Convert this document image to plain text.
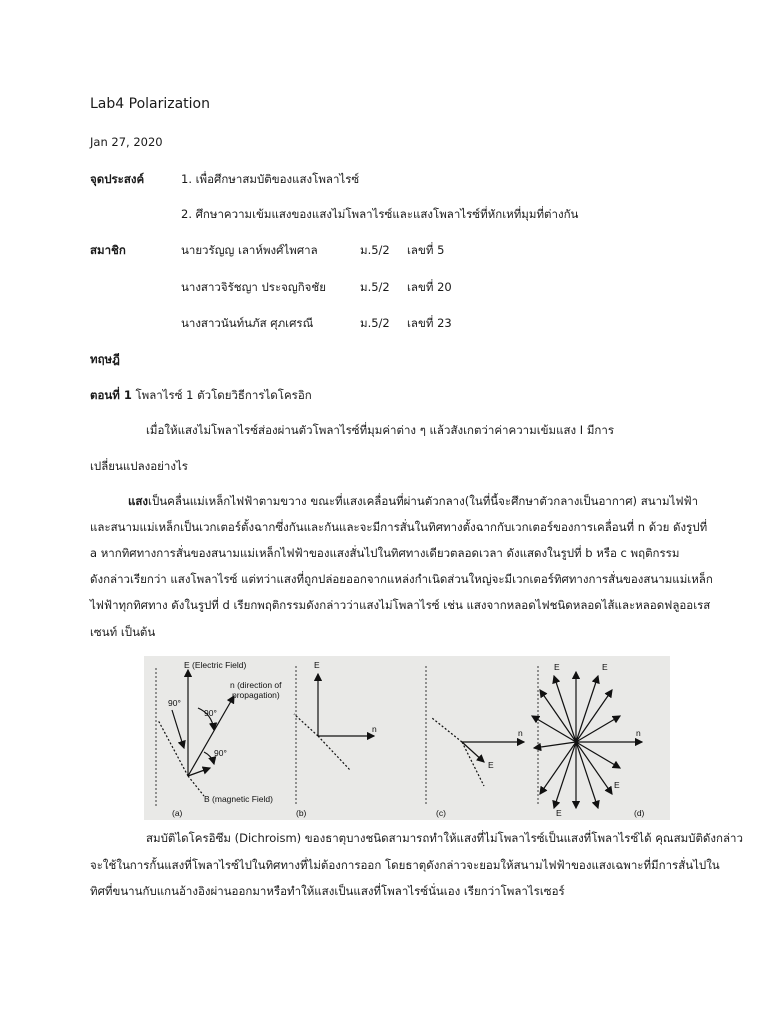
Lab4 Polarization
Jan 27, 2020
จุดประสงค์	1. เพื่อศึกษาสมบัติของแสงโพลาไรซ์
2. ศึกษาความเข้มแสงของแสงไม่โพลาไรซ์และแสงโพลาไรซ์ที่หักเหที่มุมที่ต่างกัน
สมาชิก	นายวรัญญ เลาห์พงศ์ไพศาล	ม.5/2 เลขที่ 5
นางสาวจิรัชญา ประจญกิจชัย	ม.5/2 เลขที่ 20
นางสาวนันท์นภัส ศุภเศรณี	ม.5/2 เลขที่ 23
ทฤษฎี
ตอนที่ 1 โพลาไรซ์ 1 ตัวโดยวิธีการไดโครอิก
เมื่อให้แสงไม่โพลาไรซ์ส่องผ่านตัวโพลาไรซ์ที่มุมค่าต่าง ๆ แล้วสังเกตว่าค่าความเข้มแสง I มีการ
เปลี่ยนแปลงอย่างไร
แสงเป็นคลื่นแม่เหล็กไฟฟ้าตามขวาง ขณะที่แสงเคลื่อนที่ผ่านตัวกลาง(ในที่นี้จะศึกษาตัวกลางเป็นอากาศ) สนามไฟฟ้า
และสนามแม่เหล็กเป็นเวกเตอร์ตั้งฉากซึ่งกันและกันและจะมีการสั่นในทิศทางตั้งฉากกับเวกเตอร์ของการเคลื่อนที่ n ด้วย ดังรูปที่
a หากทิศทางการสั่นของสนามแม่เหล็กไฟฟ้าของแสงสั่นไปในทิศทางเดียวตลอดเวลา ดังแสดงในรูปที่ b หรือ c พฤติกรรม
ดังกล่าวเรียกว่า แสงโพลาไรซ์ แต่ทว่าแสงที่ถูกปล่อยออกจากแหล่งกำเนิดส่วนใหญ่จะมีเวกเตอร์ทิศทางการสั่นของสนามแม่เหล็ก
ไฟฟ้าทุกทิศทาง ดังในรูปที่ d เรียกพฤติกรรมดังกล่าวว่าแสงไม่โพลาไรซ์ เช่น แสงจากหลอดไฟชนิดหลอดไส้และหลอดฟลูออเรส
เซนท์ เป็นต้น
E (Electric Field)
n (direction of
propagation)
B (magnetic Field)
90°
90°
90°
E
n
E
n
E	E
n
E
E
(a)	(b)	(c)	(d)
สมบัติไดโครอิซึม (Dichroism) ของธาตุบางชนิดสามารถทำให้แสงที่ไม่โพลาไรซ์เป็นแสงที่โพลาไรซ์ได้ คุณสมบัติดังกล่าว
จะใช้ในการกั้นแสงที่โพลาไรซ์ไปในทิศทางที่ไม่ต้องการออก โดยธาตุดังกล่าวจะยอมให้สนามไฟฟ้าของแสงเฉพาะที่มีการสั่นไปใน
ทิศที่ขนานกับแกนอ้างอิงผ่านออกมาหรือทำให้แสงเป็นแสงที่โพลาไรซ์นั่นเอง เรียกว่าโพลาไรเซอร์
